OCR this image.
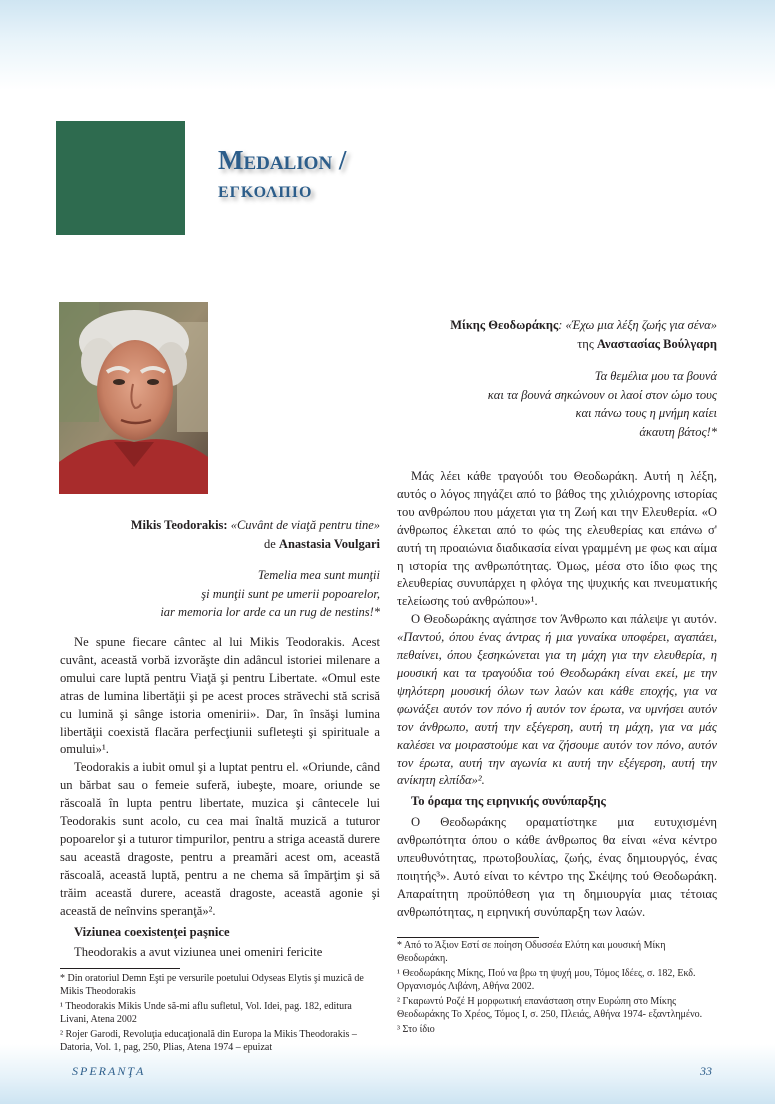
Medalion /
εγκολπιο
Mikis Teodorakis: «Cuvânt de viaţă pentru tine»
de Anastasia Voulgari
Temelia mea sunt munţii
şi munţii sunt pe umerii popoarelor,
iar memoria lor arde ca un rug de nestins!*

Ne spune fiecare cântec al lui Mikis Teodorakis. Acest cuvânt, această vorbă izvorăşte din adâncul istoriei milenare a omului care luptă pentru Viaţă şi pentru Libertate. «Omul este atras de lumina libertăţii şi pe acest proces străvechi stă scrisă cu lumină şi sânge istoria omenirii». Dar, în însăşi lumina libertăţii coexistă flacăra perfecţiunii sufleteşti şi spirituale a omului»¹.

Teodorakis a iubit omul şi a luptat pentru el. «Oriunde, când un bărbat sau o femeie suferă, iubeşte, moare, oriunde se răscoală în lupta pentru libertate, muzica şi cântecele lui Teodorakis sunt acolo, cu cea mai înaltă muzică a tuturor popoarelor şi a tuturor timpurilor, pentru a striga această durere sau această dragoste, pentru a preamări acest om, această răscoală, această luptă, pentru a ne chema să împărţim şi să trăim această durere, această dragoste, această agonie şi această de neînvins speranţă»².

Viziunea coexistenţei paşnice

Theodorakis a avut viziunea unei omeniri fericite

* Din oratoriul Demn Eşti pe versurile poetului Odyseas Elytis şi muzică de Mikis Theodorakis

¹ Theodorakis Mikis Unde să-mi aflu sufletul, Vol. Idei, pag. 182, editura Livani, Atena 2002

² Rojer Garodi, Revoluţia educaţională din Europa la Mikis Theodorakis – Datoria, Vol. 1, pag, 250, Plias, Atena 1974 – epuizat

Μίκης Θεοδωράκης: «Έχω μια λέξη ζωής για σένα»
της Αναστασίας Βούλγαρη
Τα θεμέλια μου τα βουνά
και τα βουνά σηκώνουν οι λαοί στον ώμο τους
και πάνω τους η μνήμη καίει
άκαυτη βάτος!*

Μάς λέει κάθε τραγούδι του Θεοδωράκη. Αυτή η λέξη, αυτός ο λόγος πηγάζει από το βάθος της χιλιόχρονης ιστορίας του ανθρώπου που μάχεται για τη Ζωή και την Ελευθερία. «Ο άνθρωπος έλκεται από το φώς της ελευθερίας και επάνω σ' αυτή τη προαιώνια διαδικασία είναι γραμμένη με φως και αίμα η ιστορία της ανθρωπότητας. Όμως, μέσα στο ίδιο φως της ελευθερίας συνυπάρχει η φλόγα της ψυχικής και πνευματικής τελείωσης τού ανθρώπου»¹.

Ο Θεοδωράκης αγάπησε τον Άνθρωπο και πάλεψε γι αυτόν. «Παντού, όπου ένας άντρας ή μια γυναίκα υποφέρει, αγαπάει, πεθαίνει, όπου ξεσηκώνεται για τη μάχη για την ελευθερία, η μουσική και τα τραγούδια τού Θεοδωράκη είναι εκεί, με την ψηλότερη μουσική όλων των λαών και κάθε εποχής, για να φωνάξει αυτόν τον πόνο ή αυτόν τον έρωτα, να υμνήσει αυτόν τον άνθρωπο, αυτή την εξέγερση, αυτή τη μάχη, για να μάς καλέσει να μοιραστούμε και να ζήσουμε αυτόν τον πόνο, αυτόν τον έρωτα, αυτή την αγωνία κι αυτή την εξέγερση, αυτή την ανίκητη ελπίδα»².

Το όραμα της ειρηνικής συνύπαρξης

Ο Θεοδωράκης οραματίστηκε μια ευτυχισμένη ανθρωπότητα όπου ο κάθε άνθρωπος θα είναι «ένα κέντρο υπευθυνότητας, πρωτοβουλίας, ζωής, ένας δημιουργός, ένας ποιητής³». Αυτό είναι το κέντρο της Σκέψης τού Θεοδωράκη. Απαραίτητη προϋπόθεση για τη δημιουργία μιας τέτοιας ανθρωπότητας, η ειρηνική συνύπαρξη των λαών.

* Από το Άξιον Εστί σε ποίηση Οδυσσέα Ελύτη και μουσική Μίκη Θεοδωράκη.

¹ Θεοδωράκης Μίκης, Πού να βρω τη ψυχή μου, Τόμος Ιδέες, σ. 182, Εκδ. Οργανισμός Λιβάνη, Αθήνα 2002.

² Γκαρωντύ Ροζέ Η μορφωτική επανάσταση στην Ευρώπη στο Μίκης Θεοδωράκης Το Χρέος, Τόμος Ι, σ. 250, Πλειάς, Αθήνα 1974- εξαντλημένο.

³ Στο ίδιο

SPERANŢA	33
